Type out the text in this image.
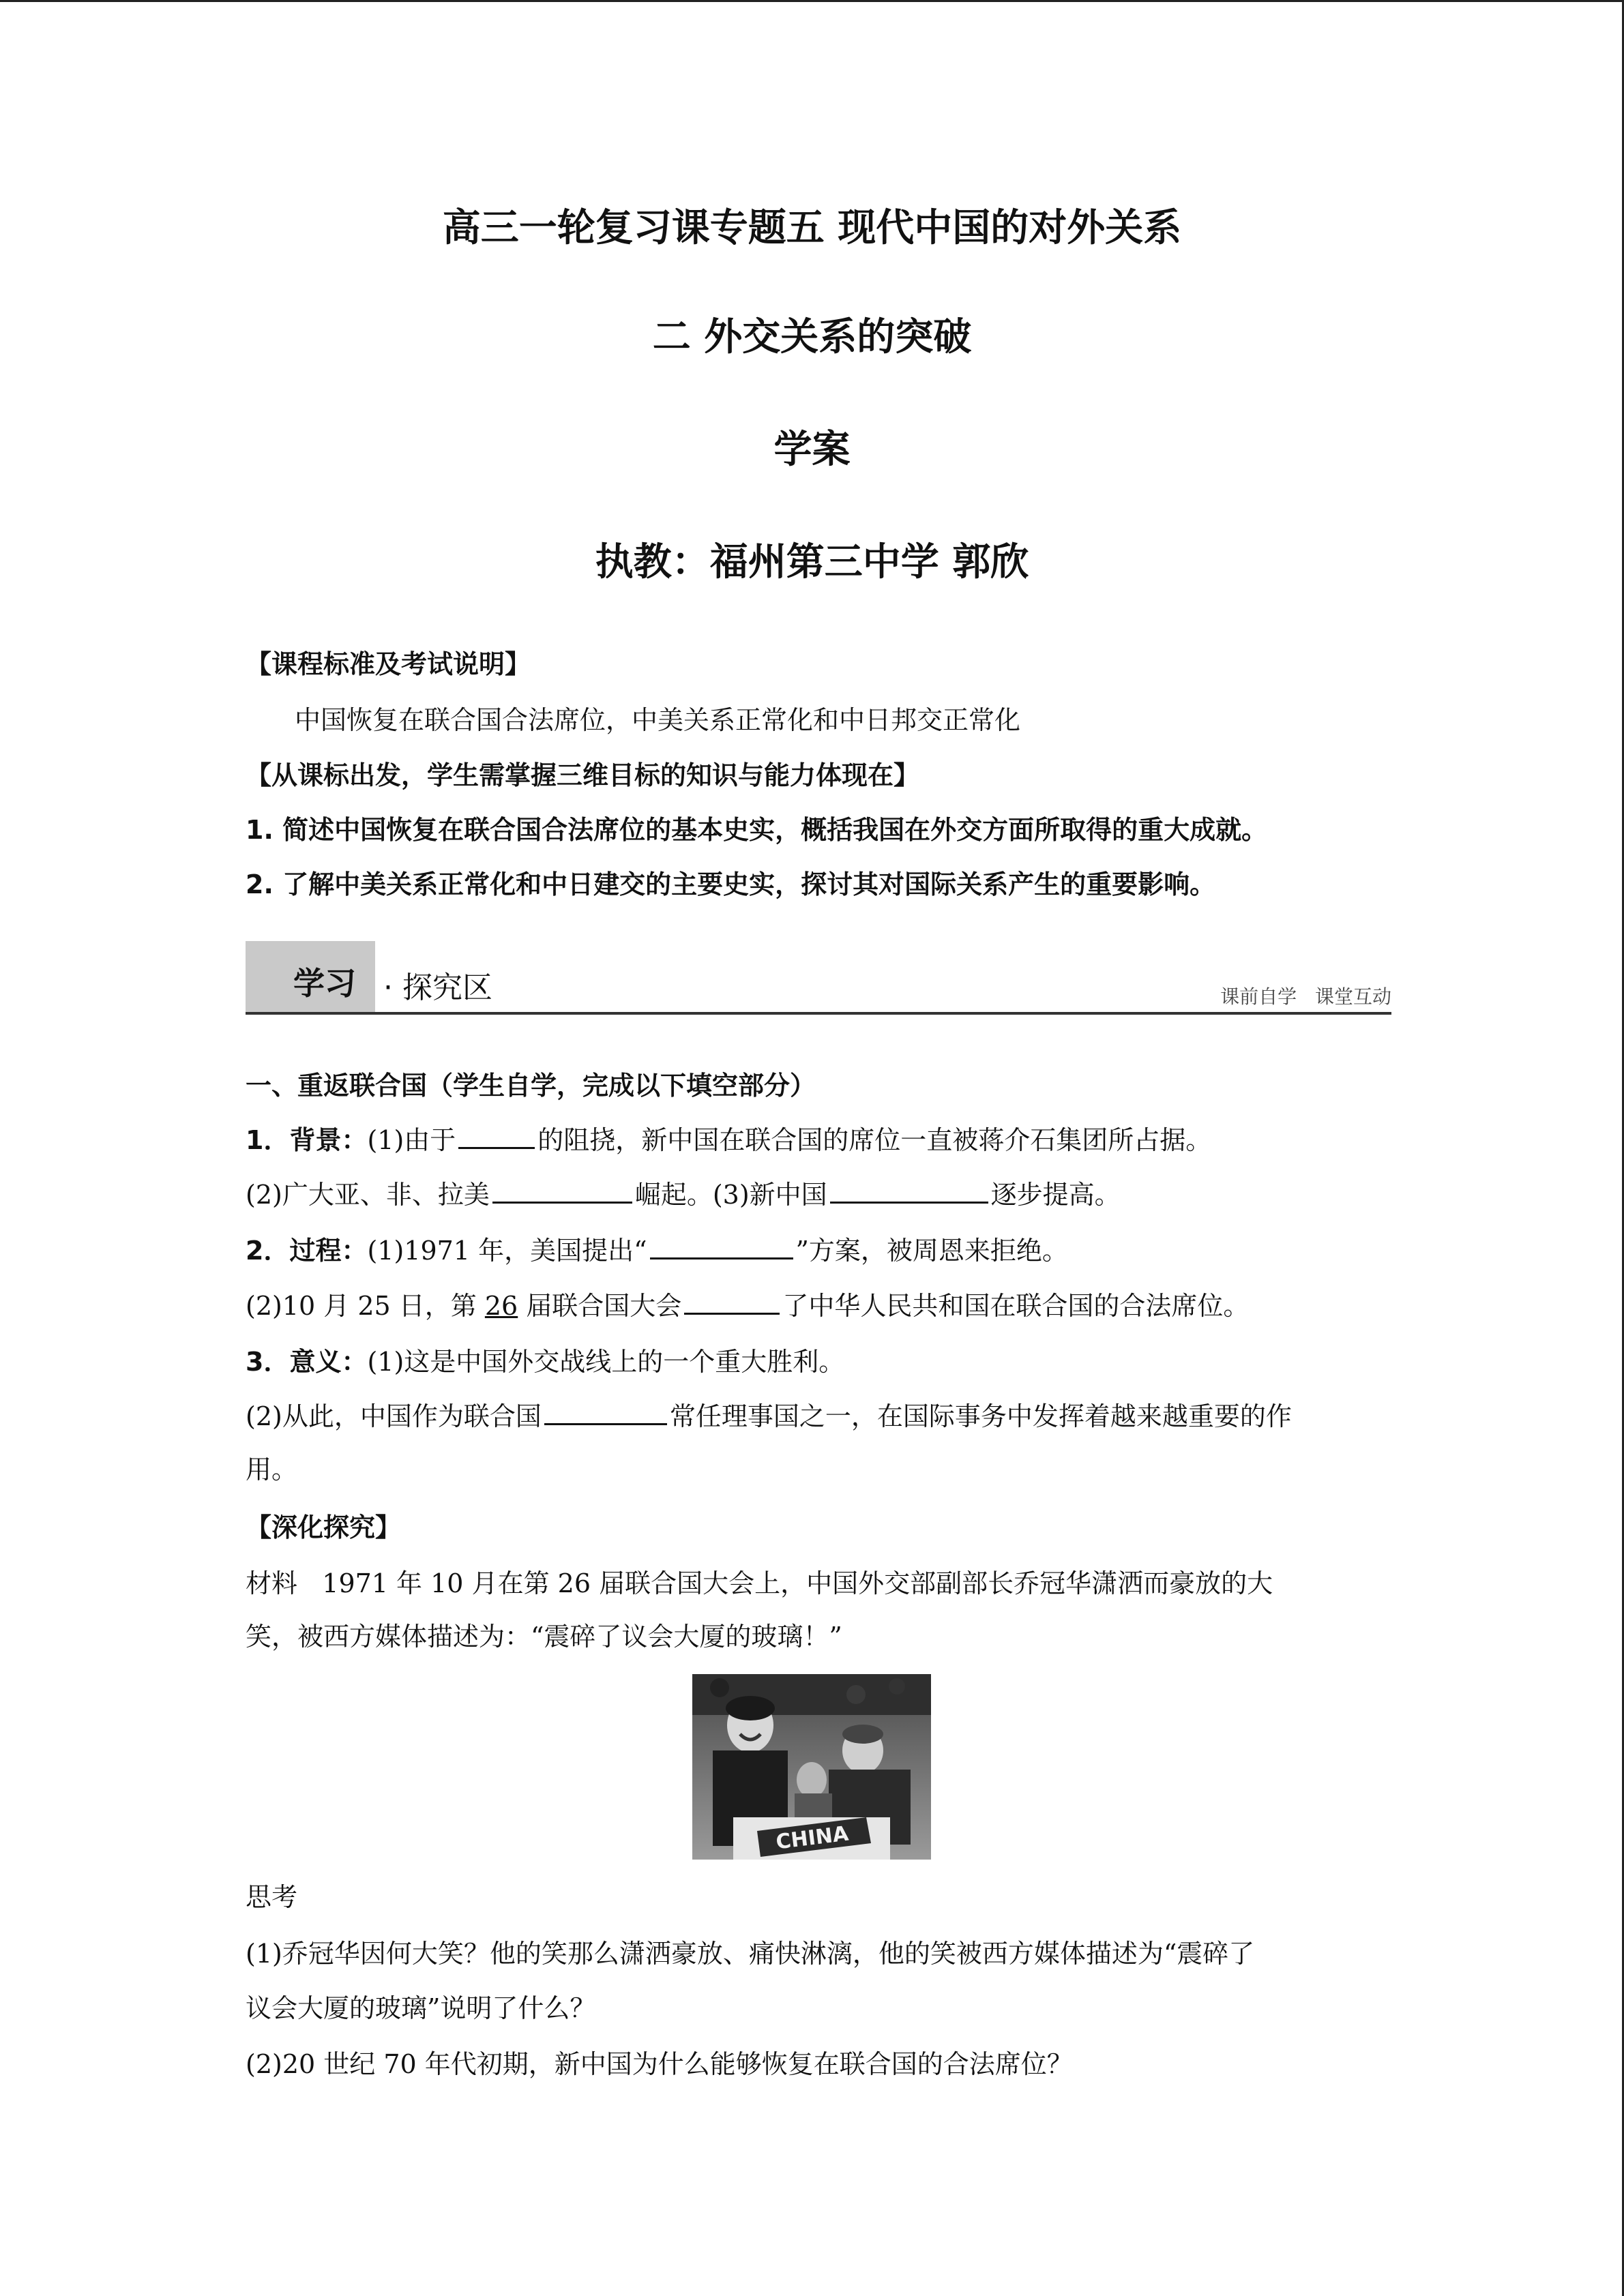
高三一轮复习课专题五 现代中国的对外关系
二 外交关系的突破
学案
执教：福州第三中学 郭欣
【课程标准及考试说明】
中国恢复在联合国合法席位，中美关系正常化和中日邦交正常化
【从课标出发，学生需掌握三维目标的知识与能力体现在】
1. 简述中国恢复在联合国合法席位的基本史实，概括我国在外交方面所取得的重大成就。
2. 了解中美关系正常化和中日建交的主要史实，探讨其对国际关系产生的重要影响。
学习 · 探究区	课前自学 课堂互动
一、重返联合国（学生自学，完成以下填空部分）
1．背景：(1)由于	的阻挠，新中国在联合国的席位一直被蒋介石集团所占据。
(2)广大亚、非、拉美	崛起。(3)新中国	逐步提高。
2．过程：(1)1971 年，美国提出“	”方案，被周恩来拒绝。
(2)10 月 25 日，第 26 届联合国大会	了中华人民共和国在联合国的合法席位。
3．意义：(1)这是中国外交战线上的一个重大胜利。
(2)从此，中国作为联合国	常任理事国之一，在国际事务中发挥着越来越重要的作
用。
【深化探究】
材料 1971 年 10 月在第 26 届联合国大会上，中国外交部副部长乔冠华潇洒而豪放的大
笑，被西方媒体描述为：“震碎了议会大厦的玻璃！”
CHINA
思考
(1)乔冠华因何大笑？他的笑那么潇洒豪放、痛快淋漓，他的笑被西方媒体描述为“震碎了
议会大厦的玻璃”说明了什么？
(2)20 世纪 70 年代初期，新中国为什么能够恢复在联合国的合法席位？
